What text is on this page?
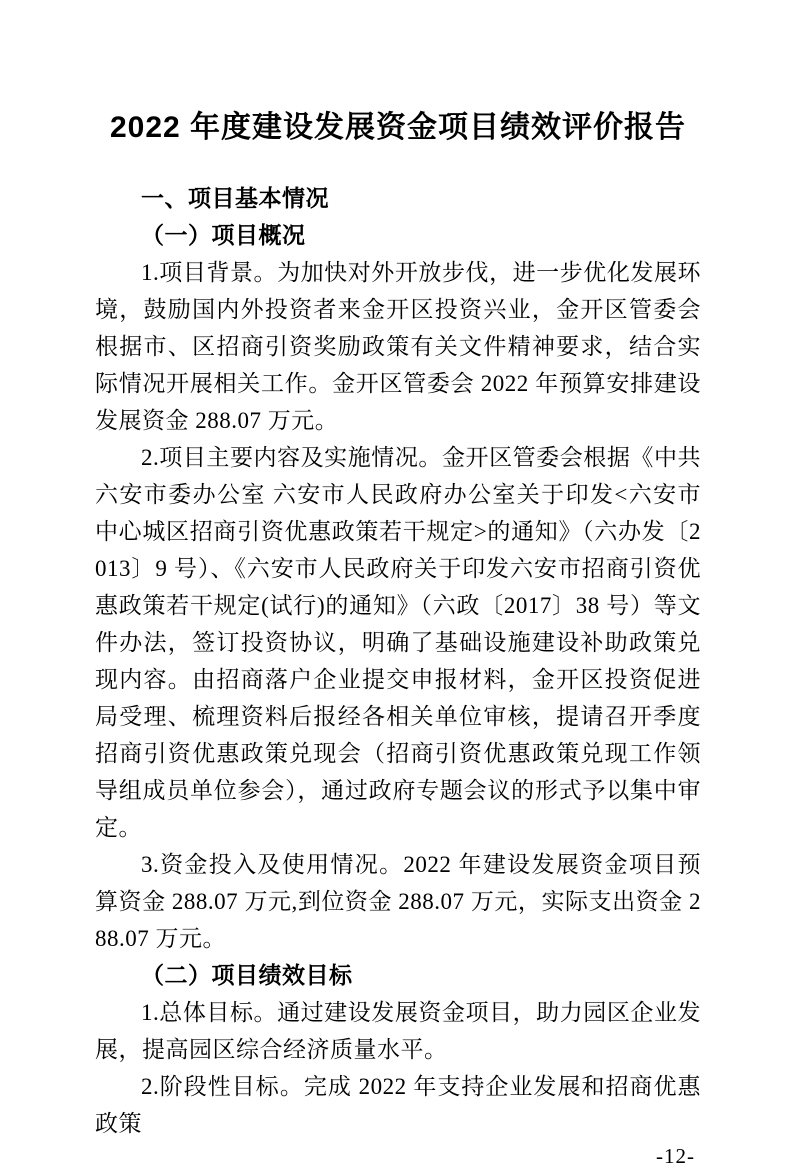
2022 年度建设发展资金项目绩效评价报告
一、项目基本情况
（一）项目概况

1.项目背景。为加快对外开放步伐，进一步优化发展环境，鼓励国内外投资者来金开区投资兴业，金开区管委会根据市、区招商引资奖励政策有关文件精神要求，结合实际情况开展相关工作。金开区管委会 2022 年预算安排建设发展资金 288.07 万元。

2.项目主要内容及实施情况。金开区管委会根据《中共六安市委办公室 六安市人民政府办公室关于印发<六安市中心城区招商引资优惠政策若干规定>的通知》（六办发〔2013〕9 号）、《六安市人民政府关于印发六安市招商引资优惠政策若干规定(试行)的通知》（六政〔2017〕38 号）等文件办法，签订投资协议，明确了基础设施建设补助政策兑现内容。由招商落户企业提交申报材料，金开区投资促进局受理、梳理资料后报经各相关单位审核，提请召开季度招商引资优惠政策兑现会（招商引资优惠政策兑现工作领导组成员单位参会），通过政府专题会议的形式予以集中审定。

3.资金投入及使用情况。2022 年建设发展资金项目预算资金 288.07 万元,到位资金 288.07 万元，实际支出资金 288.07 万元。

（二）项目绩效目标

1.总体目标。通过建设发展资金项目，助力园区企业发展，提高园区综合经济质量水平。

2.阶段性目标。完成 2022 年支持企业发展和招商优惠政策

-12-
